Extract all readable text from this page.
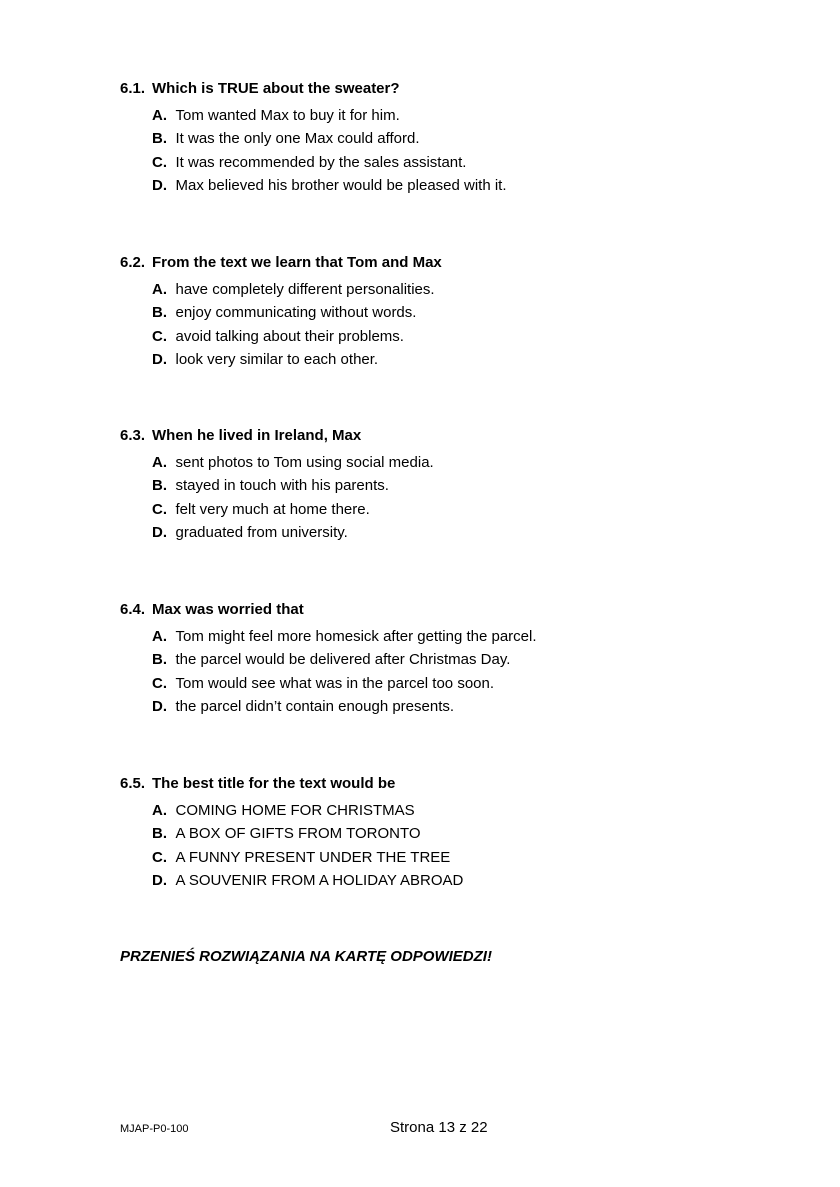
6.1. Which is TRUE about the sweater?
A. Tom wanted Max to buy it for him.
B. It was the only one Max could afford.
C. It was recommended by the sales assistant.
D. Max believed his brother would be pleased with it.
6.2. From the text we learn that Tom and Max
A. have completely different personalities.
B. enjoy communicating without words.
C. avoid talking about their problems.
D. look very similar to each other.
6.3. When he lived in Ireland, Max
A. sent photos to Tom using social media.
B. stayed in touch with his parents.
C. felt very much at home there.
D. graduated from university.
6.4. Max was worried that
A. Tom might feel more homesick after getting the parcel.
B. the parcel would be delivered after Christmas Day.
C. Tom would see what was in the parcel too soon.
D. the parcel didn’t contain enough presents.
6.5. The best title for the text would be
A. COMING HOME FOR CHRISTMAS
B. A BOX OF GIFTS FROM TORONTO
C. A FUNNY PRESENT UNDER THE TREE
D. A SOUVENIR FROM A HOLIDAY ABROAD
PRZENIEŚ ROZWIĄZANIA NA KARTĘ ODPOWIEDZI!
MJAP-P0-100	Strona 13 z 22
